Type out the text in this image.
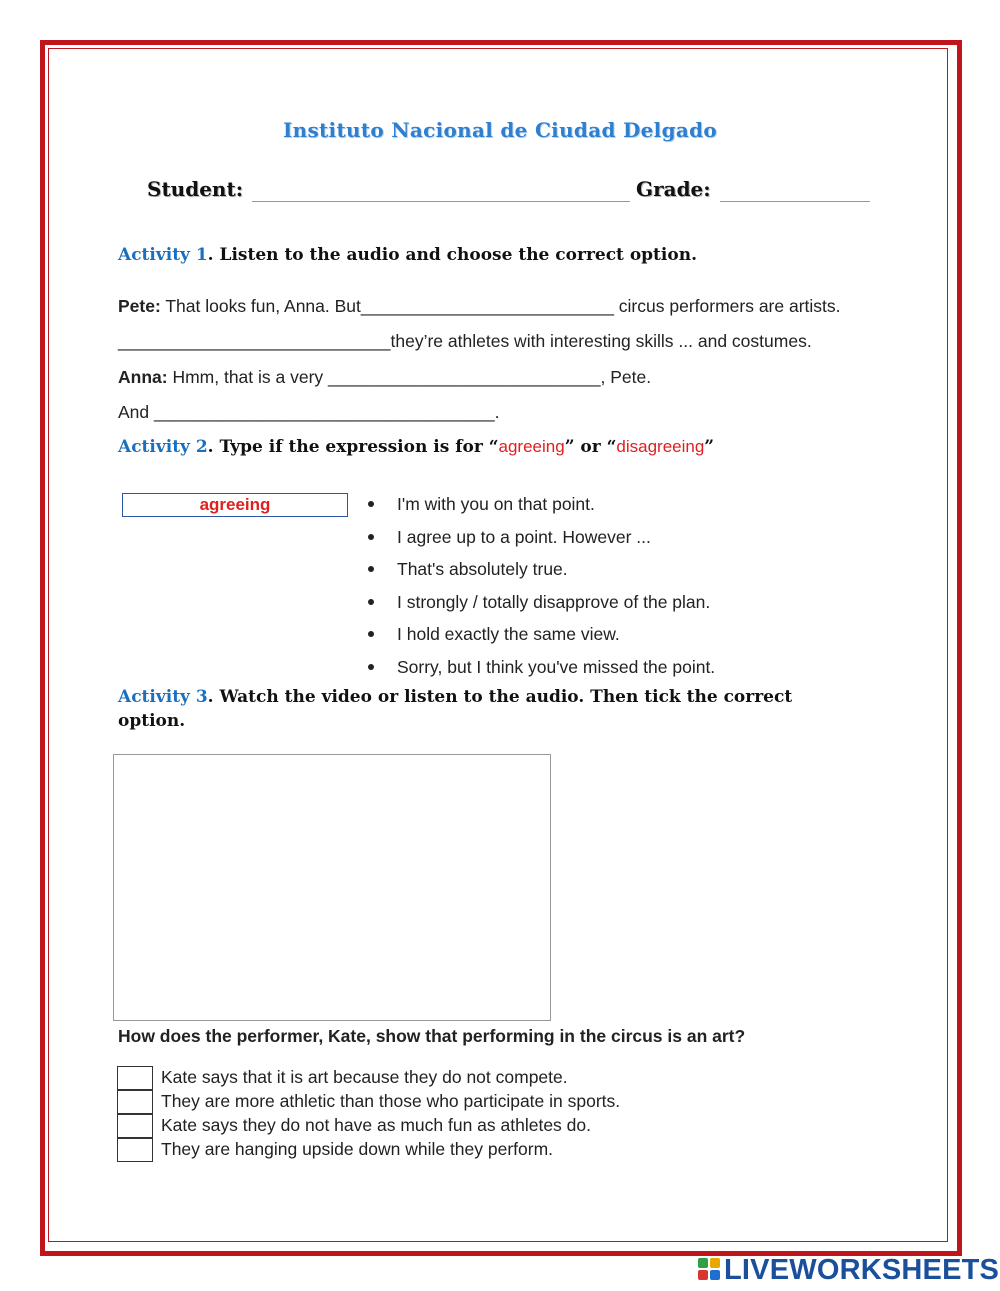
Instituto Nacional de Ciudad Delgado
Student:	Grade:
Activity 1. Listen to the audio and choose the correct option.
Pete: That looks fun, Anna. But__________________________ circus performers are artists.
____________________________they’re athletes with interesting skills ... and costumes.
Anna: Hmm, that is a very ____________________________, Pete.
And ___________________________________.
Activity 2. Type if the expression is for “agreeing” or “disagreeing”
agreeing	I'm with you on that point.
I agree up to a point. However ...
That's absolutely true.
I strongly / totally disapprove of the plan.
I hold exactly the same view.
Sorry, but I think you've missed the point.
Activity 3. Watch the video or listen to the audio. Then tick the correct
option.
How does the performer, Kate, show that performing in the circus is an art?
Kate says that it is art because they do not compete.
They are more athletic than those who participate in sports.
Kate says they do not have as much fun as athletes do.
They are hanging upside down while they perform.
LIVEWORKSHEETS
